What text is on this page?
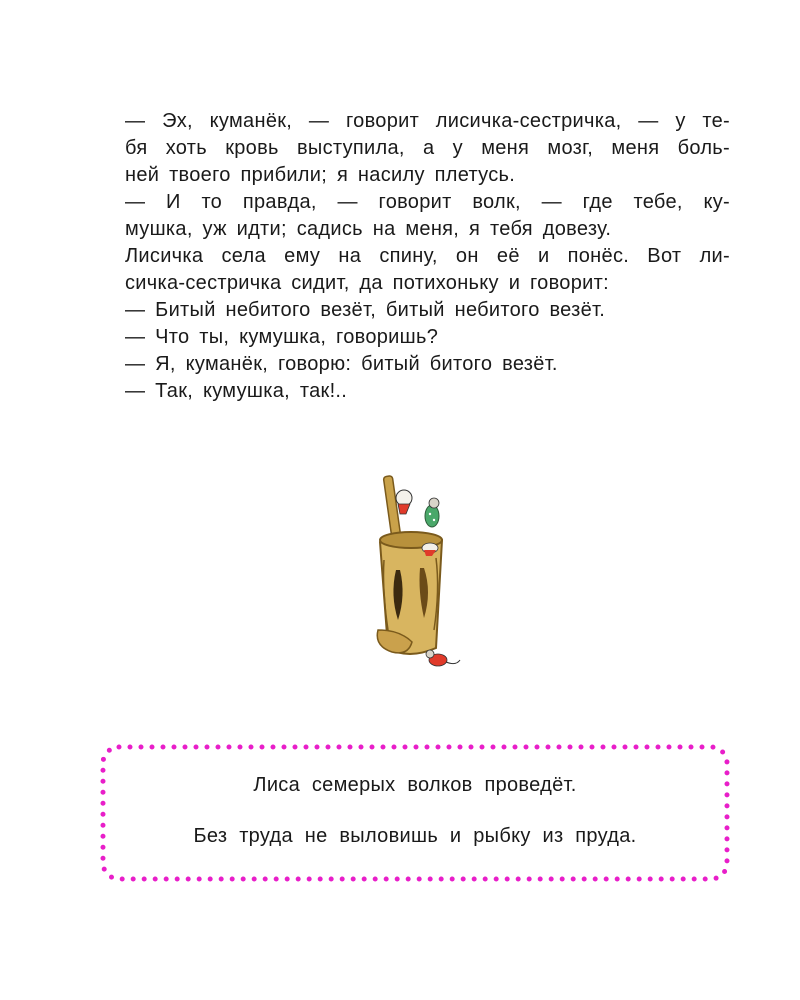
— Эх, куманёк, — говорит лисичка-сестричка, — у те-
бя хоть кровь выступила, а у меня мозг, меня боль-
ней твоего прибили; я насилу плетусь.
— И то правда, — говорит волк, — где тебе, ку-
мушка, уж идти; садись на меня, я тебя довезу.
Лисичка села ему на спину, он её и понёс. Вот ли-
сичка-сестричка сидит, да потихоньку и говорит:
— Битый небитого везёт, битый небитого везёт.
— Что ты, кумушка, говоришь?
— Я, куманёк, говорю: битый битого везёт.
— Так, кумушка, так!..
Лиса семерых волков проведёт.
Без труда не выловишь и рыбку из пруда.
